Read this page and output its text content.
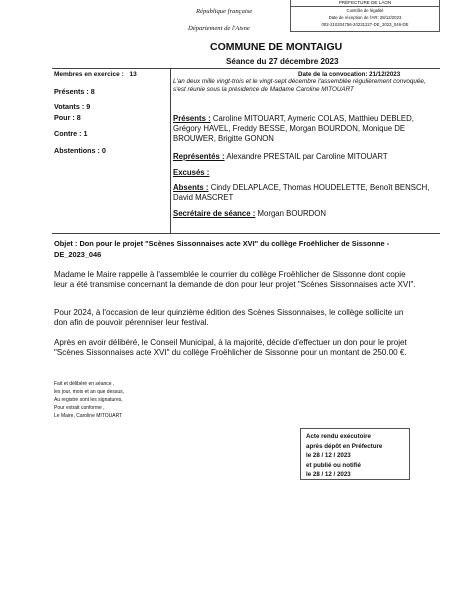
PRÉFECTURE DE LAON
Contrôle de légalité
Date de réception de l'AR: 28/12/2023
002-210204756-20231227-DE_2023_046-DE
République française
Département de l'Aisne
COMMUNE DE MONTAIGU
Séance du 27 décembre 2023
Membres en exercice : 13
Présents : 8
Votants : 9
Pour : 8
Contre : 1
Abstentions : 0
Date de la convocation: 21/12/2023
L'an deux mille vingt-trois et le vingt-sept décembre l'assemblée régulièrement convoquée, s'est réunie sous la présidence de Madame Caroline MITOUART
Présents : Caroline MITOUART, Aymeric COLAS, Matthieu DEBLED, Grégory HAVEL, Freddy BESSE, Morgan BOURDON, Monique DE BROUWER, Brigitte GONON
Représentés : Alexandre PRESTAIL par Caroline MITOUART
Excusés :
Absents : Cindy DELAPLACE, Thomas HOUDELETTE, Benoît BENSCH, David MASCRET
Secrétaire de séance : Morgan BOURDON
Objet : Don pour le projet "Scènes Sissonnaises acte XVI" du collège Froëhlicher de Sissonne - DE_2023_046
Madame le Maire rappelle à l'assemblée le courrier du collège Froëhlicher de Sissonne dont copie leur a été transmise concernant la demande de don pour leur projet "Scènes Sissonnaises acte XVI".
Pour 2024, à l'occasion de leur quinzième édition des Scènes Sissonnaises, le collège sollicite un don afin de pouvoir pérenniser leur festival.
Après en avoir délibéré, le Conseil Municipal, à la majorité, décide d'effectuer un don pour le projet "Scènes Sissonnaises acte XVI" du collège Froëhlicher de Sissonne pour un montant de 250.00 €.
Fait et délibéré en séance ,
les jour, mois et an que dessus,
Au registre sont les signatures,
Pour extrait conforme ,
Le Maire, Caroline MITOUART
Acte rendu exécutoire
après dépôt en Préfecture
le 28 / 12 / 2023
et publié ou notifié
le 28 / 12 / 2023
